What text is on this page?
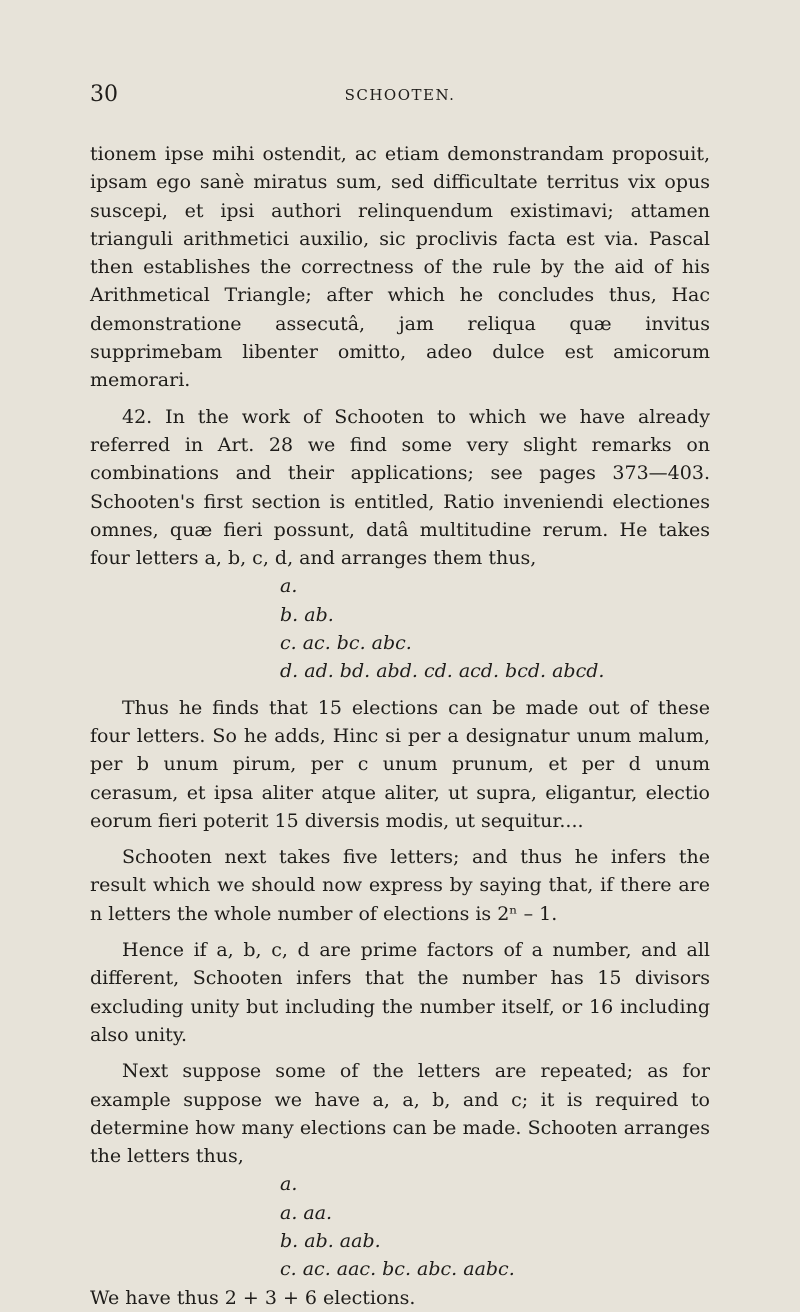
30	SCHOOTEN.

tionem ipse mihi ostendit, ac etiam demonstrandam proposuit, ipsam ego sanè miratus sum, sed difficultate territus vix opus suscepi, et ipsi authori relinquendum existimavi; attamen trianguli arithmetici auxilio, sic proclivis facta est via. Pascal then establishes the correctness of the rule by the aid of his Arithmetical Triangle; after which he concludes thus, Hac demonstratione assecutâ, jam reliqua quæ invitus supprimebam libenter omitto, adeo dulce est amicorum memorari.

42. In the work of Schooten to which we have already referred in Art. 28 we find some very slight remarks on combinations and their applications; see pages 373—403. Schooten's first section is entitled, Ratio inveniendi electiones omnes, quæ fieri possunt, datâ multitudine rerum. He takes four letters a, b, c, d, and arranges them thus,

a.
b. ab.
c. ac. bc. abc.
d. ad. bd. abd. cd. acd. bcd. abcd.

Thus he finds that 15 elections can be made out of these four letters. So he adds, Hinc si per a designatur unum malum, per b unum pirum, per c unum prunum, et per d unum cerasum, et ipsa aliter atque aliter, ut supra, eligantur, electio eorum fieri poterit 15 diversis modis, ut sequitur....

Schooten next takes five letters; and thus he infers the result which we should now express by saying that, if there are n letters the whole number of elections is 2ⁿ – 1.

Hence if a, b, c, d are prime factors of a number, and all different, Schooten infers that the number has 15 divisors excluding unity but including the number itself, or 16 including also unity.

Next suppose some of the letters are repeated; as for example suppose we have a, a, b, and c; it is required to determine how many elections can be made. Schooten arranges the letters thus,

a.
a. aa.
b. ab. aab.
c. ac. aac. bc. abc. aabc.

We have thus 2 + 3 + 6 elections.
